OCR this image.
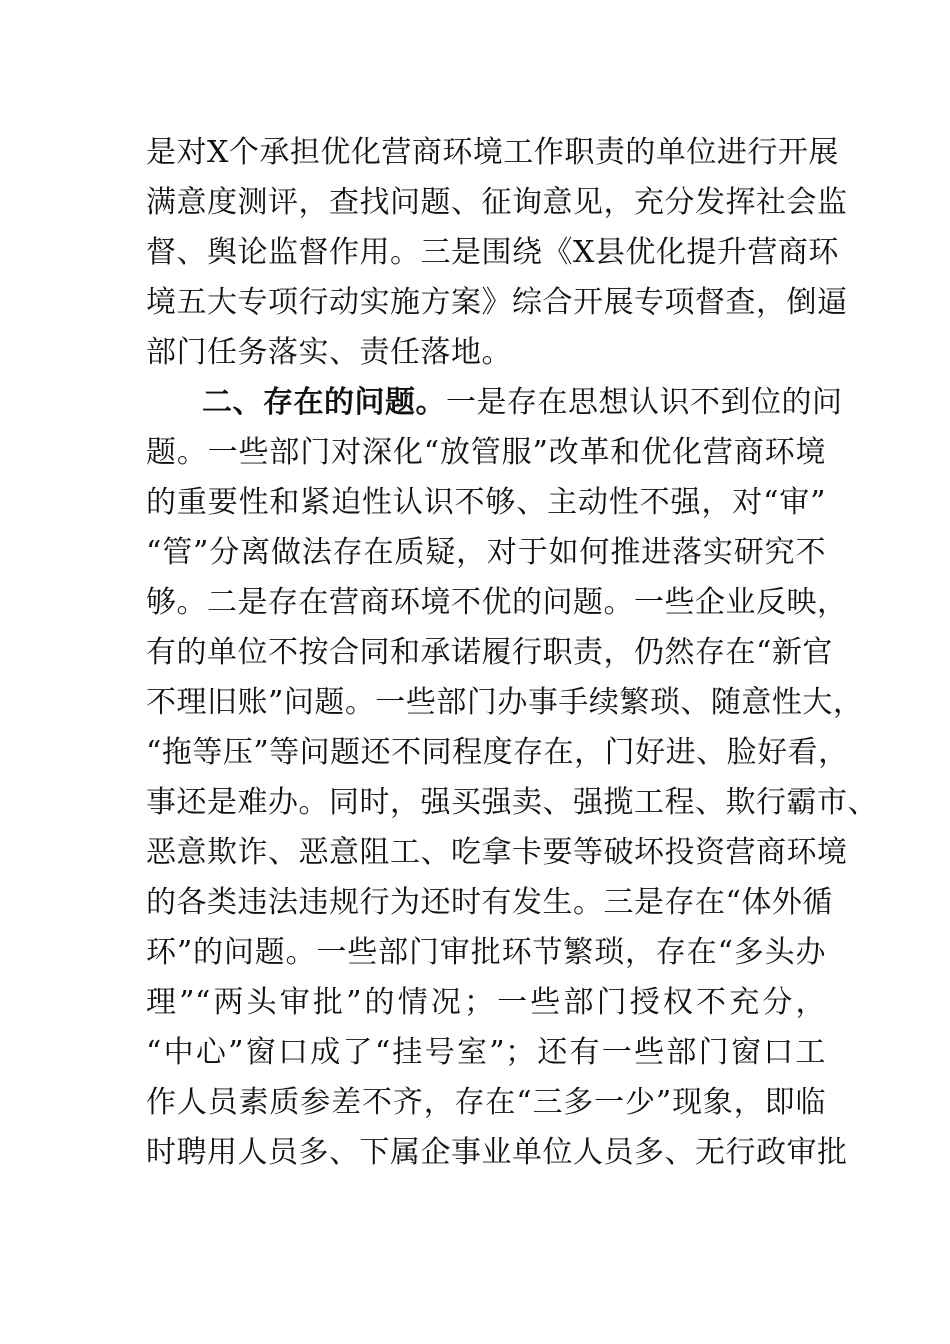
是对X个承担优化营商环境工作职责的单位进行开展
满意度测评，查找问题、征询意见，充分发挥社会监
督、舆论监督作用。三是围绕《X县优化提升营商环
境五大专项行动实施方案》综合开展专项督查，倒逼
部门任务落实、责任落地。
二、存在的问题。一是存在思想认识不到位的问
题。一些部门对深化“放管服”改革和优化营商环境
的重要性和紧迫性认识不够、主动性不强，对“审”
“管”分离做法存在质疑，对于如何推进落实研究不
够。二是存在营商环境不优的问题。一些企业反映，
有的单位不按合同和承诺履行职责，仍然存在“新官
不理旧账”问题。一些部门办事手续繁琐、随意性大，
“拖等压”等问题还不同程度存在，门好进、脸好看，
事还是难办。同时，强买强卖、强揽工程、欺行霸市、
恶意欺诈、恶意阻工、吃拿卡要等破坏投资营商环境
的各类违法违规行为还时有发生。三是存在“体外循
环”的问题。一些部门审批环节繁琐，存在“多头办
理”“两头审批”的情况；一些部门授权不充分，
“中心”窗口成了“挂号室”；还有一些部门窗口工
作人员素质参差不齐，存在“三多一少”现象，即临
时聘用人员多、下属企事业单位人员多、无行政审批
